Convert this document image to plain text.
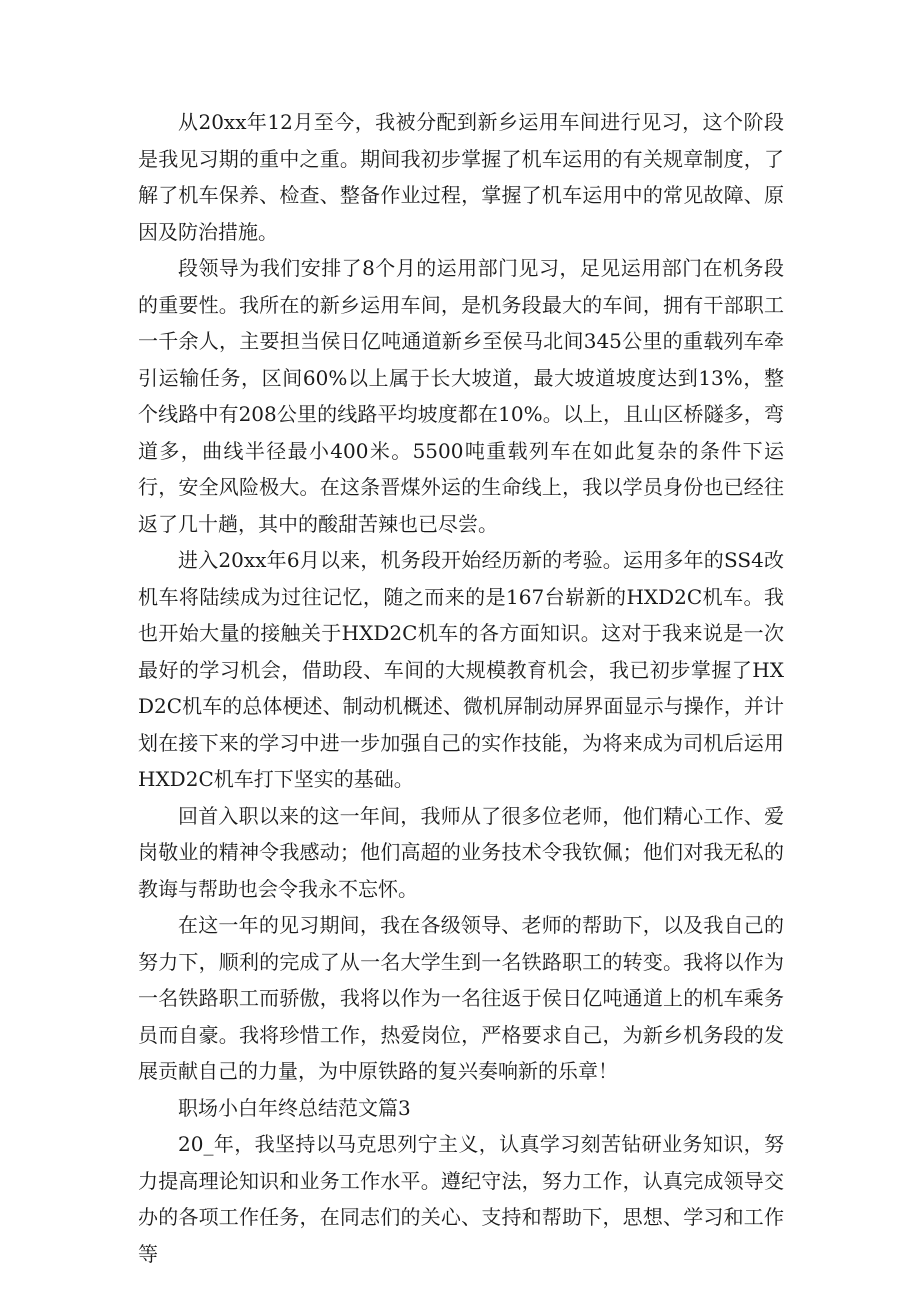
从20xx年12月至今，我被分配到新乡运用车间进行见习，这个阶段是我见习期的重中之重。期间我初步掌握了机车运用的有关规章制度，了解了机车保养、检查、整备作业过程，掌握了机车运用中的常见故障、原因及防治措施。

段领导为我们安排了8个月的运用部门见习，足见运用部门在机务段的重要性。我所在的新乡运用车间，是机务段最大的车间，拥有干部职工一千余人，主要担当侯日亿吨通道新乡至侯马北间345公里的重载列车牵引运输任务，区间60%以上属于长大坡道，最大坡道坡度达到13%，整个线路中有208公里的线路平均坡度都在10%。以上，且山区桥隧多，弯道多，曲线半径最小400米。5500吨重载列车在如此复杂的条件下运行，安全风险极大。在这条晋煤外运的生命线上，我以学员身份也已经往返了几十趟，其中的酸甜苦辣也已尽尝。

进入20xx年6月以来，机务段开始经历新的考验。运用多年的SS4改机车将陆续成为过往记忆，随之而来的是167台崭新的HXD2C机车。我也开始大量的接触关于HXD2C机车的各方面知识。这对于我来说是一次最好的学习机会，借助段、车间的大规模教育机会，我已初步掌握了HXD2C机车的总体梗述、制动机概述、微机屏制动屏界面显示与操作，并计划在接下来的学习中进一步加强自己的实作技能，为将来成为司机后运用HXD2C机车打下坚实的基础。

回首入职以来的这一年间，我师从了很多位老师，他们精心工作、爱岗敬业的精神令我感动；他们高超的业务技术令我钦佩；他们对我无私的教诲与帮助也会令我永不忘怀。

在这一年的见习期间，我在各级领导、老师的帮助下，以及我自己的努力下，顺利的完成了从一名大学生到一名铁路职工的转变。我将以作为一名铁路职工而骄傲，我将以作为一名往返于侯日亿吨通道上的机车乘务员而自豪。我将珍惜工作，热爱岗位，严格要求自己，为新乡机务段的发展贡献自己的力量，为中原铁路的复兴奏响新的乐章！

职场小白年终总结范文篇3

20_年，我坚持以马克思列宁主义，认真学习刻苦钻研业务知识，努力提高理论知识和业务工作水平。遵纪守法，努力工作，认真完成领导交办的各项工作任务，在同志们的关心、支持和帮助下，思想、学习和工作等
